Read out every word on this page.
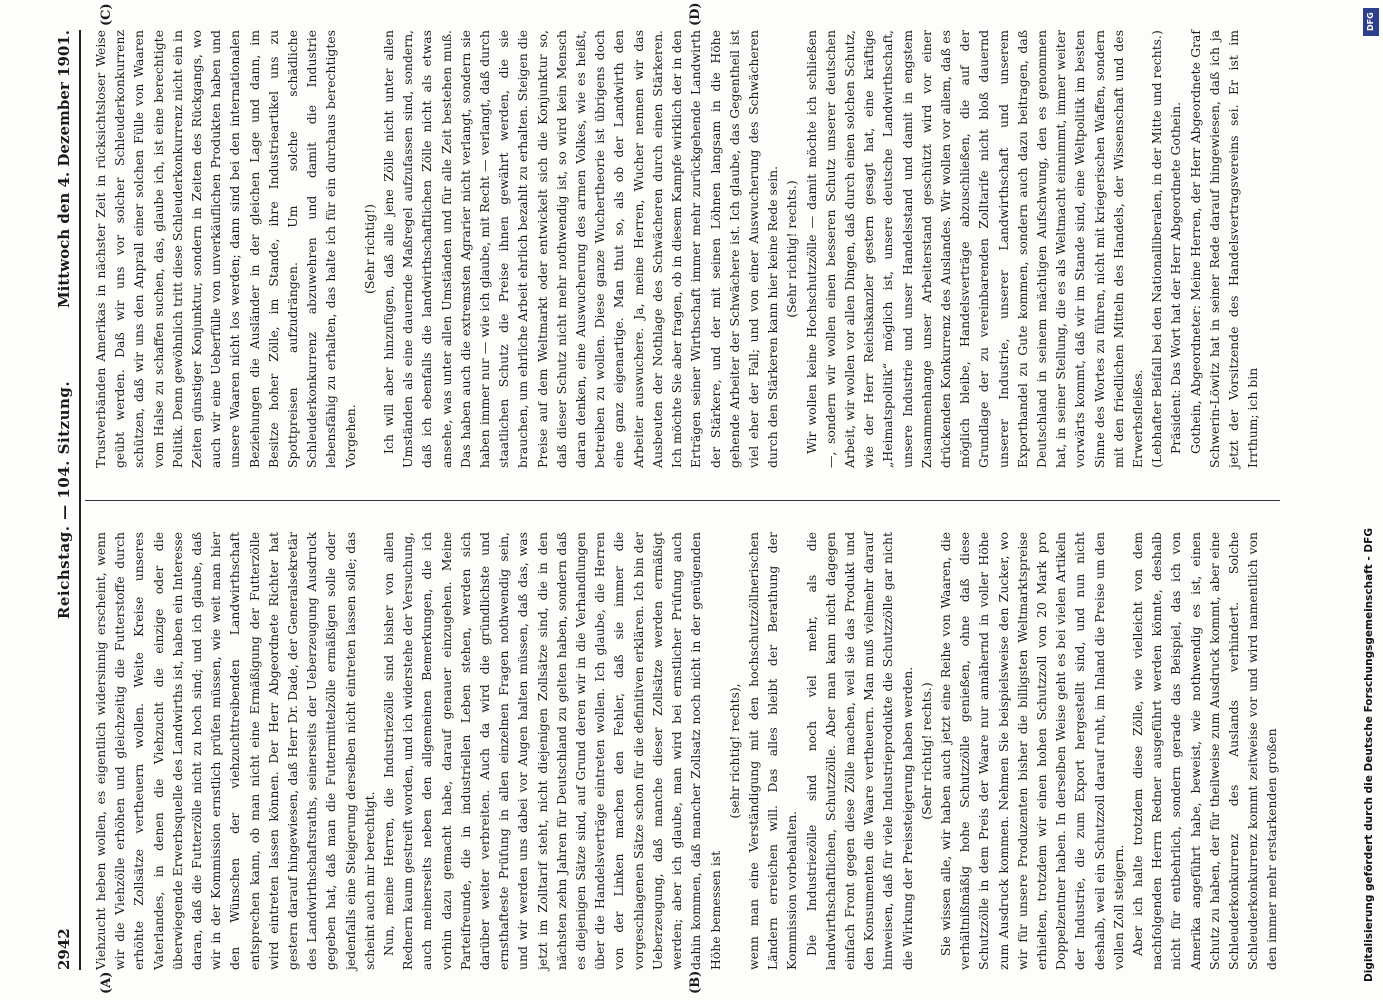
2942
Reichstag. — 104. Sitzung.
Mittwoch den 4. Dezember 1901.
(A)	(B)
(C)	(D)

Viehzucht heben wollen, es eigentlich widersinnig erscheint, wenn wir die Viehzölle erhöhen und gleichzeitig die Futterstoffe durch erhöhte Zollsätze vertheuern wollen. Weite Kreise unseres Vaterlandes, in denen die Viehzucht die einzige oder die überwiegende Erwerbsquelle des Landwirths ist, haben ein Interesse daran, daß die Futterzölle nicht zu hoch sind; und ich glaube, daß wir in der Kommission ernstlich prüfen müssen, wie weit man hier den Wünschen der viehzuchttreibenden Landwirthschaft entsprechen kann, ob man nicht eine Ermäßigung der Futterzölle wird eintreten lassen können. Der Herr Abgeordnete Richter hat gestern darauf hingewiesen, daß Herr Dr. Dade, der Generalsekretär des Landwirthschaftsraths, seinerseits der Ueberzeugung Ausdruck gegeben hat, daß man die Futtermittelzölle ermäßigen solle oder jedenfalls eine Steigerung derselben nicht eintreten lassen solle; das scheint auch mir berechtigt. Nun, meine Herren, die Industriezölle sind bisher von allen Rednern kaum gestreift worden, und ich widerstehe der Versuchung, auch meinerseits neben den allgemeinen Bemerkungen, die ich vorhin dazu gemacht habe, darauf genauer einzugehen. Meine Parteifreunde, die in industriellen Leben stehen, werden sich darüber weiter verbreiten. Auch da wird die gründlichste und ernsthafteste Prüfung in allen einzelnen Fragen nothwendig sein, und wir werden uns dabei vor Augen halten müssen, daß das, was jetzt im Zolltarif steht, nicht diejenigen Zollsätze sind, die in den nächsten zehn Jahren für Deutschland zu gelten haben, sondern daß es diejenigen Sätze sind, auf Grund deren wir in die Verhandlungen über die Handelsverträge eintreten wollen. Ich glaube, die Herren von der Linken machen den Fehler, daß sie immer die vorgeschlagenen Sätze schon für die definitiven erklären. Ich bin der Ueberzeugung, daß manche dieser Zollsätze werden ermäßigt werden; aber ich glaube, man wird bei ernstlicher Prüfung auch dahin kommen, daß mancher Zollsatz noch nicht in der genügenden Höhe bemessen ist

(sehr richtig! rechts), wenn man eine Verständigung mit den hochschutzzöllnerischen Ländern erreichen will. Das alles bleibt der Berathung der Kommission vorbehalten. Die Industriezölle sind noch viel mehr, als die landwirthschaftlichen, Schutzzölle. Aber man kann nicht dagegen einfach Front gegen diese Zölle machen, weil sie das Produkt und den Konsumenten die Waare vertheuern. Man muß vielmehr darauf hinweisen, daß für viele Industrieprodukte die Schutzzölle gar nicht die Wirkung der Preissteigerung haben werden. (Sehr richtig! rechts.) Sie wissen alle, wir haben auch jetzt eine Reihe von Waaren, die verhältnißmäßig hohe Schutzzölle genießen, ohne daß diese Schutzzölle in dem Preis der Waare nur annähernd in voller Höhe zum Ausdruck kommen. Nehmen Sie beispielsweise den Zucker, wo wir für unsere Produzenten bisher die billigsten Weltmarktspreise erhielten, trotzdem wir einen hohen Schutzzoll von 20 Mark pro Doppelzentner haben. In derselben Weise geht es bei vielen Artikeln der Industrie, die zum Export hergestellt sind, und nun nicht deshalb, weil ein Schutzzoll darauf ruht, im Inland die Preise um den vollen Zoll steigern. Aber ich halte trotzdem diese Zölle, wie vielleicht von dem nachfolgenden Herrn Redner ausgeführt werden könnte, deshalb nicht für entbehrlich, sondern gerade das Beispiel, das ich von Amerika angeführt habe, beweist, wie nothwendig es ist, einen Schutz zu haben, der für theilweise zum Ausdruck kommt, aber eine Schleuderkonkurrenz des Auslands verhindert. Solche Schleuderkonkurrenz kommt zeitweise vor und wird namentlich von den immer mehr erstarkenden großen

Trustverbänden Amerikas in nächster Zeit in rücksichtsloser Weise geübt werden. Daß wir uns vor solcher Schleuderkonkurrenz schützen, daß wir uns den Anprall einer solchen Fülle von Waaren vom Halse zu schaffen suchen, das, glaube ich, ist eine berechtigte Politik. Denn gewöhnlich tritt diese Schleuderkonkurrenz nicht ein in Zeiten günstiger Konjunktur, sondern in Zeiten des Rückgangs, wo auch wir eine Ueberfülle von unverkäuflichen Produkten haben und unsere Waaren nicht los werden; dann sind bei den internationalen Beziehungen die Ausländer in der gleichen Lage und dann, im Besitze hoher Zölle, im Stande, ihre Industrieartikel uns zu Spottpreisen aufzudrängen. Um solche schädliche Schleuderkonkurrenz abzuwehren und damit die Industrie lebensfähig zu erhalten, das halte ich für ein durchaus berechtigtes Vorgehen.

(Sehr richtig!) Ich will aber hinzufügen, daß alle jene Zölle nicht unter allen Umständen als eine dauernde Maßregel aufzufassen sind, sondern, daß ich ebenfalls die landwirthschaftlichen Zölle nicht als etwas ansehe, was unter allen Umständen und für alle Zeit bestehen muß. Das haben auch die extremsten Agrarier nicht verlangt, sondern sie haben immer nur — wie ich glaube, mit Recht — verlangt, daß durch staatlichen Schutz die Preise ihnen gewährt werden, die sie brauchen, um ehrliche Arbeit ehrlich bezahlt zu erhalten. Steigen die Preise auf dem Weltmarkt oder entwickelt sich die Konjunktur so, daß dieser Schutz nicht mehr nothwendig ist, so wird kein Mensch daran denken, eine Auswucherung des armen Volkes, wie es heißt, betreiben zu wollen. Diese ganze Wuchertheorie ist übrigens doch eine ganz eigenartige. Man thut so, als ob der Landwirth den Arbeiter auswuchere. Ja, meine Herren, Wucher nennen wir das Ausbeuten der Nothlage des Schwächeren durch einen Stärkeren. Ich möchte Sie aber fragen, ob in diesem Kampfe wirklich der in den Erträgen seiner Wirthschaft immer mehr zurückgehende Landwirth der Stärkere, und der mit seinen Löhnen langsam in die Höhe gehende Arbeiter der Schwächere ist. Ich glaube, das Gegentheil ist viel eher der Fall; und von einer Auswucherung des Schwächeren durch den Stärkeren kann hier keine Rede sein. (Sehr richtig! rechts.) Wir wollen keine Hochschutzzölle — damit möchte ich schließen —, sondern wir wollen einen besseren Schutz unserer deutschen Arbeit, wir wollen vor allen Dingen, daß durch einen solchen Schutz, wie der Herr Reichskanzler gestern gesagt hat, eine kräftige „Heimatspolitik“ möglich ist, unsere deutsche Landwirthschaft, unsere Industrie und unser Handelsstand und damit in engstem Zusammenhange unser Arbeiterstand geschützt wird vor einer drückenden Konkurrenz des Auslandes. Wir wollen vor allem, daß es möglich bleibe, Handelsverträge abzuschließen, die auf der Grundlage der zu vereinbarenden Zolltarife nicht bloß dauernd unserer Industrie, unserer Landwirthschaft und unserem Exporthandel zu Gute kommen, sondern auch dazu beitragen, daß Deutschland in seinem mächtigen Aufschwung, den es genommen hat, in seiner Stellung, die es als Weltmacht einnimmt, immer weiter vorwärts kommt, daß wir im Stande sind, eine Weltpolitik im besten Sinne des Wortes zu führen, nicht mit kriegerischen Waffen, sondern mit den friedlichen Mitteln des Handels, der Wissenschaft und des Erwerbsfleißes. (Lebhafter Beifall bei den Nationalliberalen, in der Mitte und rechts.) Präsident: Das Wort hat der Herr Abgeordnete Gothein. Gothein, Abgeordneter: Meine Herren, der Herr Abgeordnete Graf Schwerin-Löwitz hat in seiner Rede darauf hingewiesen, daß ich ja jetzt der Vorsitzende des Handelsvertragsvereins sei. Er ist im Irrthum; ich bin

DFG
Digitalisierung gefördert durch die Deutsche Forschungsgemeinschaft - DFG
